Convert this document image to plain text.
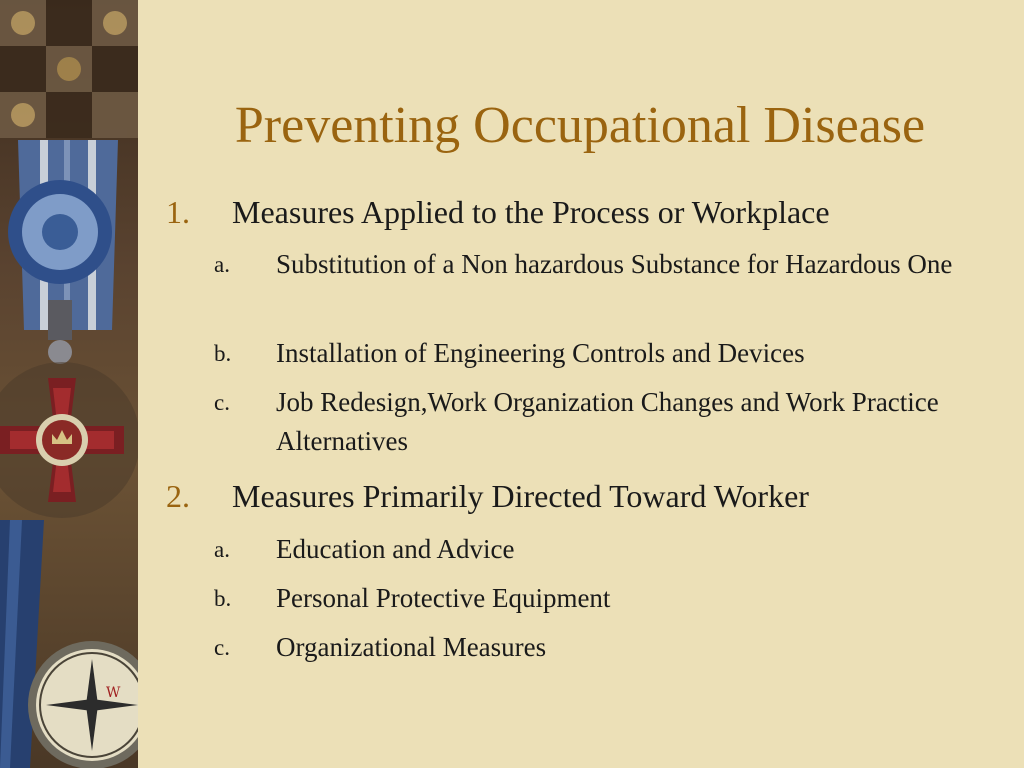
W
Preventing Occupational Disease
1. Measures Applied to the Process or Workplace
a. Substitution of a Non hazardous Substance for Hazardous One
b. Installation of Engineering Controls and Devices
c. Job Redesign,Work Organization Changes and Work Practice Alternatives
2. Measures Primarily Directed Toward Worker
a. Education and Advice
b. Personal Protective Equipment
c. Organizational Measures
